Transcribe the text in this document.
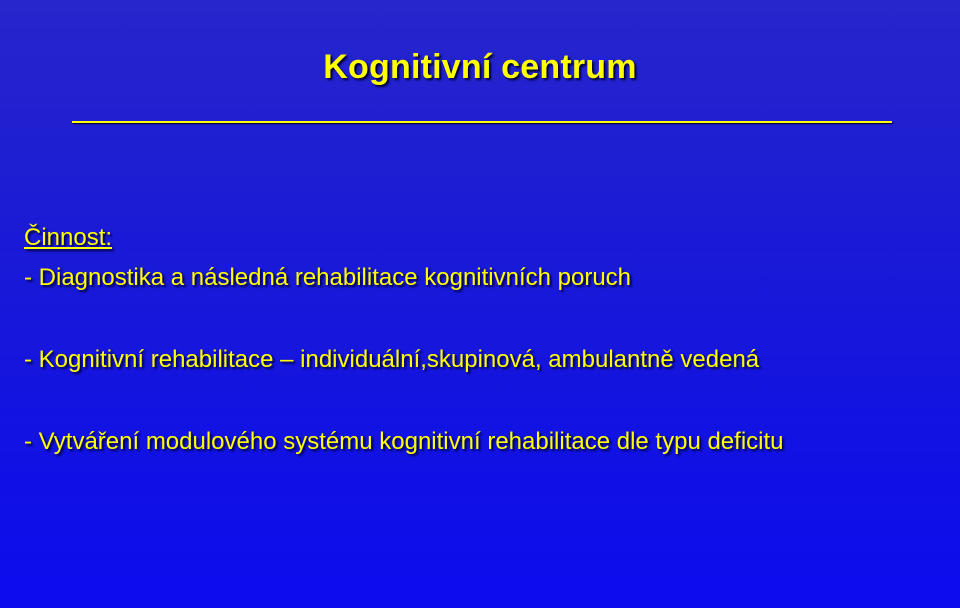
Kognitivní centrum
Činnost:
- Diagnostika a následná rehabilitace kognitivních poruch
- Kognitivní rehabilitace – individuální,skupinová, ambulantně vedená
- Vytváření modulového systému kognitivní rehabilitace dle typu deficitu
